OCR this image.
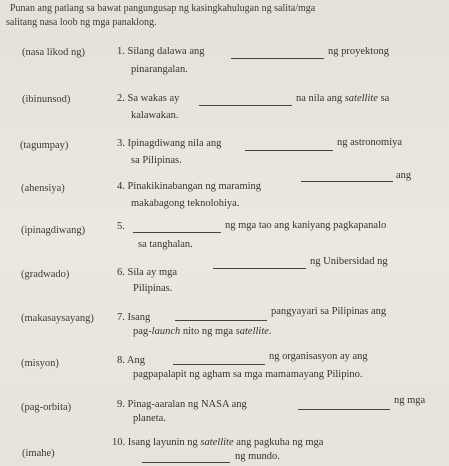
Punan ang patlang sa bawat pangungusap ng kasingkahulugan ng salita/mga
salitang nasa loob ng mga panaklong.
(nasa likod ng)	1. Silang dalawa ang	ng proyektong
pinarangalan.
(ibinunsod)	2. Sa wakas ay	na nila ang satellite sa
kalawakan.
(tagumpay)	3. Ipinagdiwang nila ang	ng astronomiya
sa Pilipinas.
(ahensiya)	4. Pinakikinabangan ng maraming
ang
makabagong teknolohiya.
(ipinagdiwang)	5.	ng mga tao ang kaniyang pagkapanalo
sa tanghalan.
(gradwado)	6. Sila ay mga
ng Unibersidad ng
Pilipinas.
(makasaysayang) 7. Isang
pangyayari sa Pilipinas ang
pag-launch nito ng mga satellite.
(misyon)	8. Ang	ng organisasyon ay ang
pagpapalapit ng agham sa mga mamamayang Pilipino.
(pag-orbita)	9. Pinag-aaralan ng NASA ang	ng mga
planeta.
(imahe)
10. Isang layunin ng satellite ang pagkuha ng mga
ng mundo.
